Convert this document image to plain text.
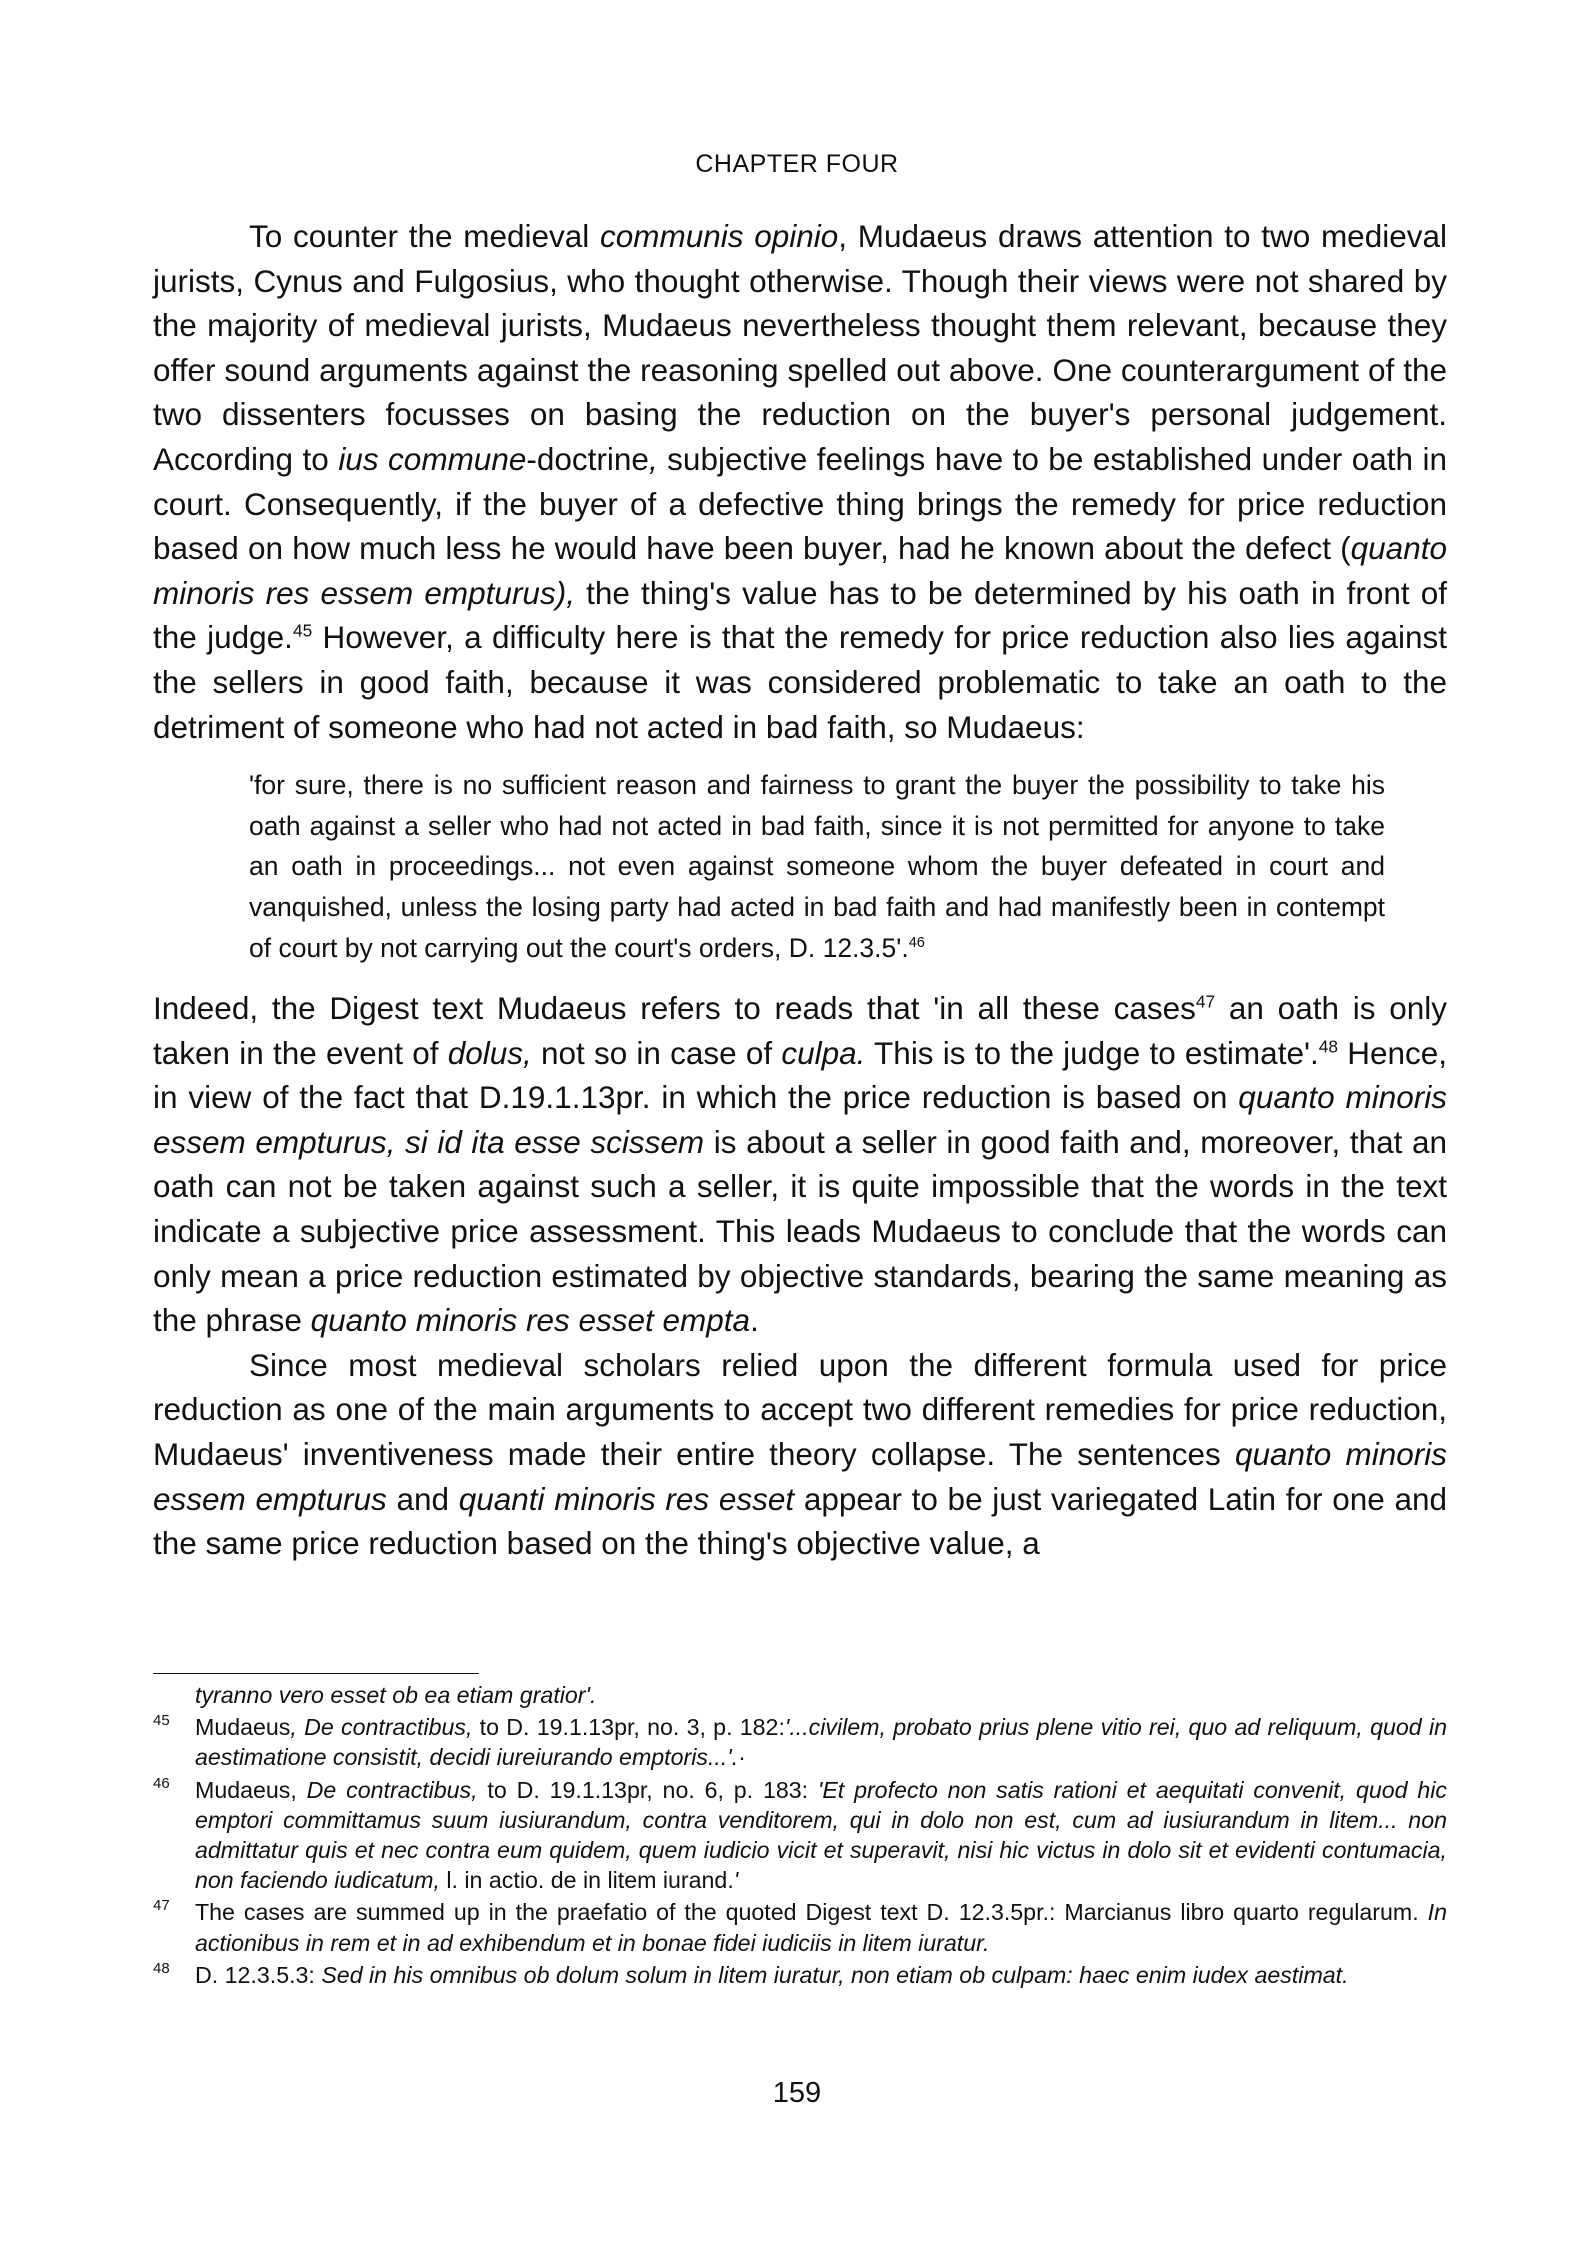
CHAPTER FOUR

To counter the medieval communis opinio, Mudaeus draws attention to two medieval jurists, Cynus and Fulgosius, who thought otherwise. Though their views were not shared by the majority of medieval jurists, Mudaeus nevertheless thought them relevant, because they offer sound arguments against the reasoning spelled out above. One counterargument of the two dissenters focusses on basing the reduction on the buyer's personal judgement. According to ius commune-doctrine, subjective feelings have to be established under oath in court. Consequently, if the buyer of a defective thing brings the remedy for price reduction based on how much less he would have been buyer, had he known about the defect (quanto minoris res essem empturus), the thing's value has to be determined by his oath in front of the judge.$^{45}$ However, a difficulty here is that the remedy for price reduction also lies against the sellers in good faith, because it was considered problematic to take an oath to the detriment of someone who had not acted in bad faith, so Mudaeus:

'for sure, there is no sufficient reason and fairness to grant the buyer the possibility to take his oath against a seller who had not acted in bad faith, since it is not permitted for anyone to take an oath in proceedings... not even against someone whom the buyer defeated in court and vanquished, unless the losing party had acted in bad faith and had manifestly been in contempt of court by not carrying out the court's orders, D. 12.3.5'.$^{46}$

Indeed, the Digest text Mudaeus refers to reads that 'in all these cases$^{47}$ an oath is only taken in the event of dolus, not so in case of culpa. This is to the judge to estimate'.$^{48}$ Hence, in view of the fact that D.19.1.13pr. in which the price reduction is based on quanto minoris essem empturus, si id ita esse scissem is about a seller in good faith and, moreover, that an oath can not be taken against such a seller, it is quite impossible that the words in the text indicate a subjective price assessment. This leads Mudaeus to conclude that the words can only mean a price reduction estimated by objective standards, bearing the same meaning as the phrase quanto minoris res esset empta.

Since most medieval scholars relied upon the different formula used for price reduction as one of the main arguments to accept two different remedies for price reduction, Mudaeus' inventiveness made their entire theory collapse. The sentences quanto minoris essem empturus and quanti minoris res esset appear to be just variegated Latin for one and the same price reduction based on the thing's objective value, a

tyranno vero esset ob ea etiam gratior'.

45 Mudaeus, De contractibus, to D. 19.1.13pr, no. 3, p. 182:'...civilem, probato prius plene vitio rei, quo ad reliquum, quod in aestimatione consistit, decidi iureiurando emptoris...'.·

46 Mudaeus, De contractibus, to D. 19.1.13pr, no. 6, p. 183: 'Et profecto non satis rationi et aequitati convenit, quod hic emptori committamus suum iusiurandum, contra venditorem, qui in dolo non est, cum ad iusiurandum in litem... non admittatur quis et nec contra eum quidem, quem iudicio vicit et superavit, nisi hic victus in dolo sit et evidenti contumacia, non faciendo iudicatum, l. in actio. de in litem iurand.'

47 The cases are summed up in the praefatio of the quoted Digest text D. 12.3.5pr.: Marcianus libro quarto regularum. In actionibus in rem et in ad exhibendum et in bonae fidei iudiciis in litem iuratur.

48 D. 12.3.5.3: Sed in his omnibus ob dolum solum in litem iuratur, non etiam ob culpam: haec enim iudex aestimat.

159
